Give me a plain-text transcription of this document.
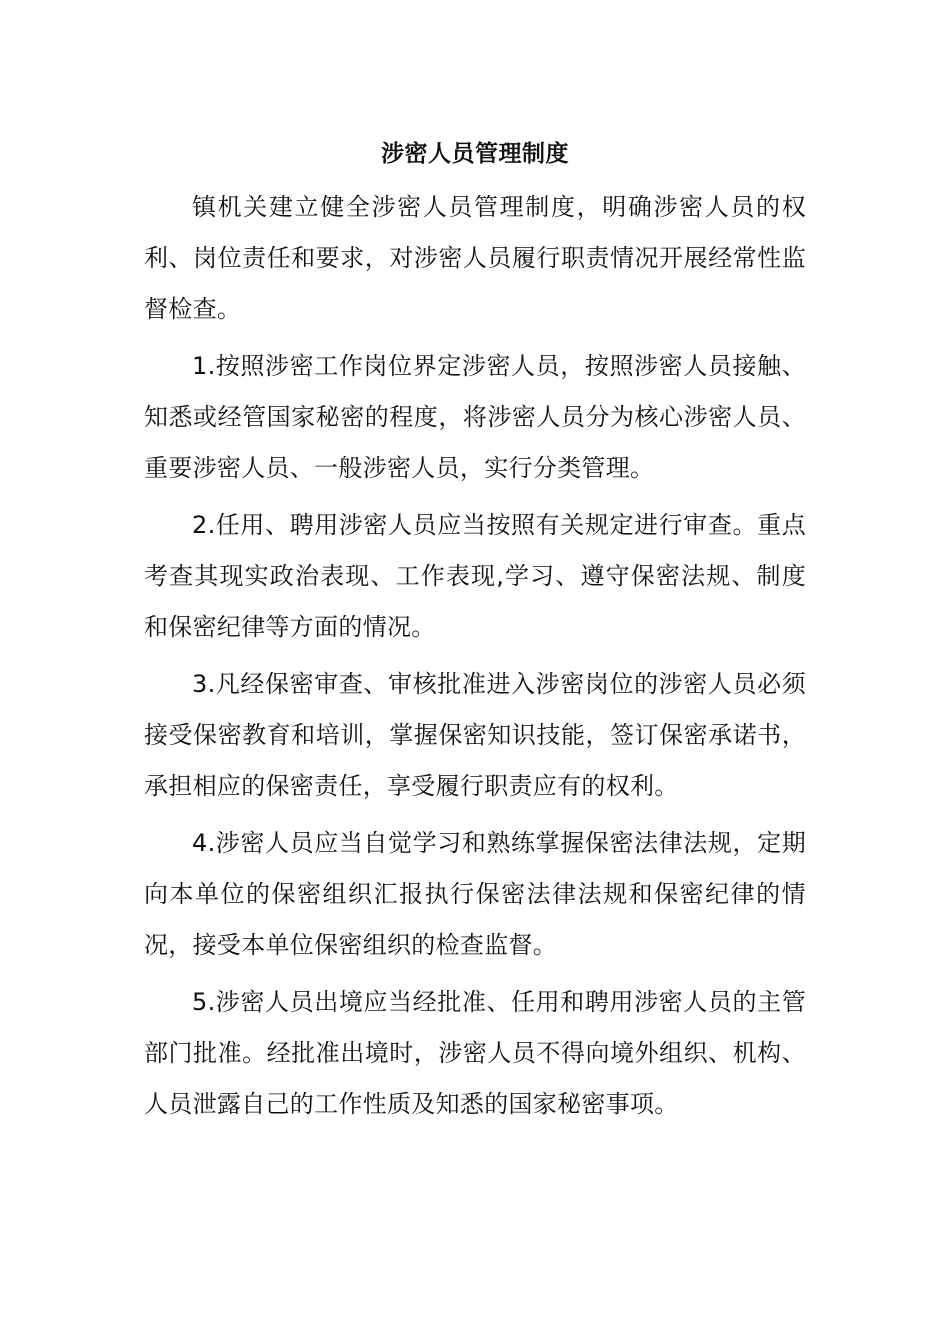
涉密人员管理制度

镇机关建立健全涉密人员管理制度，明确涉密人员的权利、岗位责任和要求，对涉密人员履行职责情况开展经常性监督检查。

1.按照涉密工作岗位界定涉密人员，按照涉密人员接触、知悉或经管国家秘密的程度，将涉密人员分为核心涉密人员、重要涉密人员、一般涉密人员，实行分类管理。

2.任用、聘用涉密人员应当按照有关规定进行审查。重点考查其现实政治表现、工作表现,学习、遵守保密法规、制度和保密纪律等方面的情况。

3.凡经保密审查、审核批准进入涉密岗位的涉密人员必须接受保密教育和培训，掌握保密知识技能，签订保密承诺书，承担相应的保密责任，享受履行职责应有的权利。

4.涉密人员应当自觉学习和熟练掌握保密法律法规，定期向本单位的保密组织汇报执行保密法律法规和保密纪律的情况，接受本单位保密组织的检查监督。

5.涉密人员出境应当经批准、任用和聘用涉密人员的主管部门批准。经批准出境时，涉密人员不得向境外组织、机构、人员泄露自己的工作性质及知悉的国家秘密事项。
